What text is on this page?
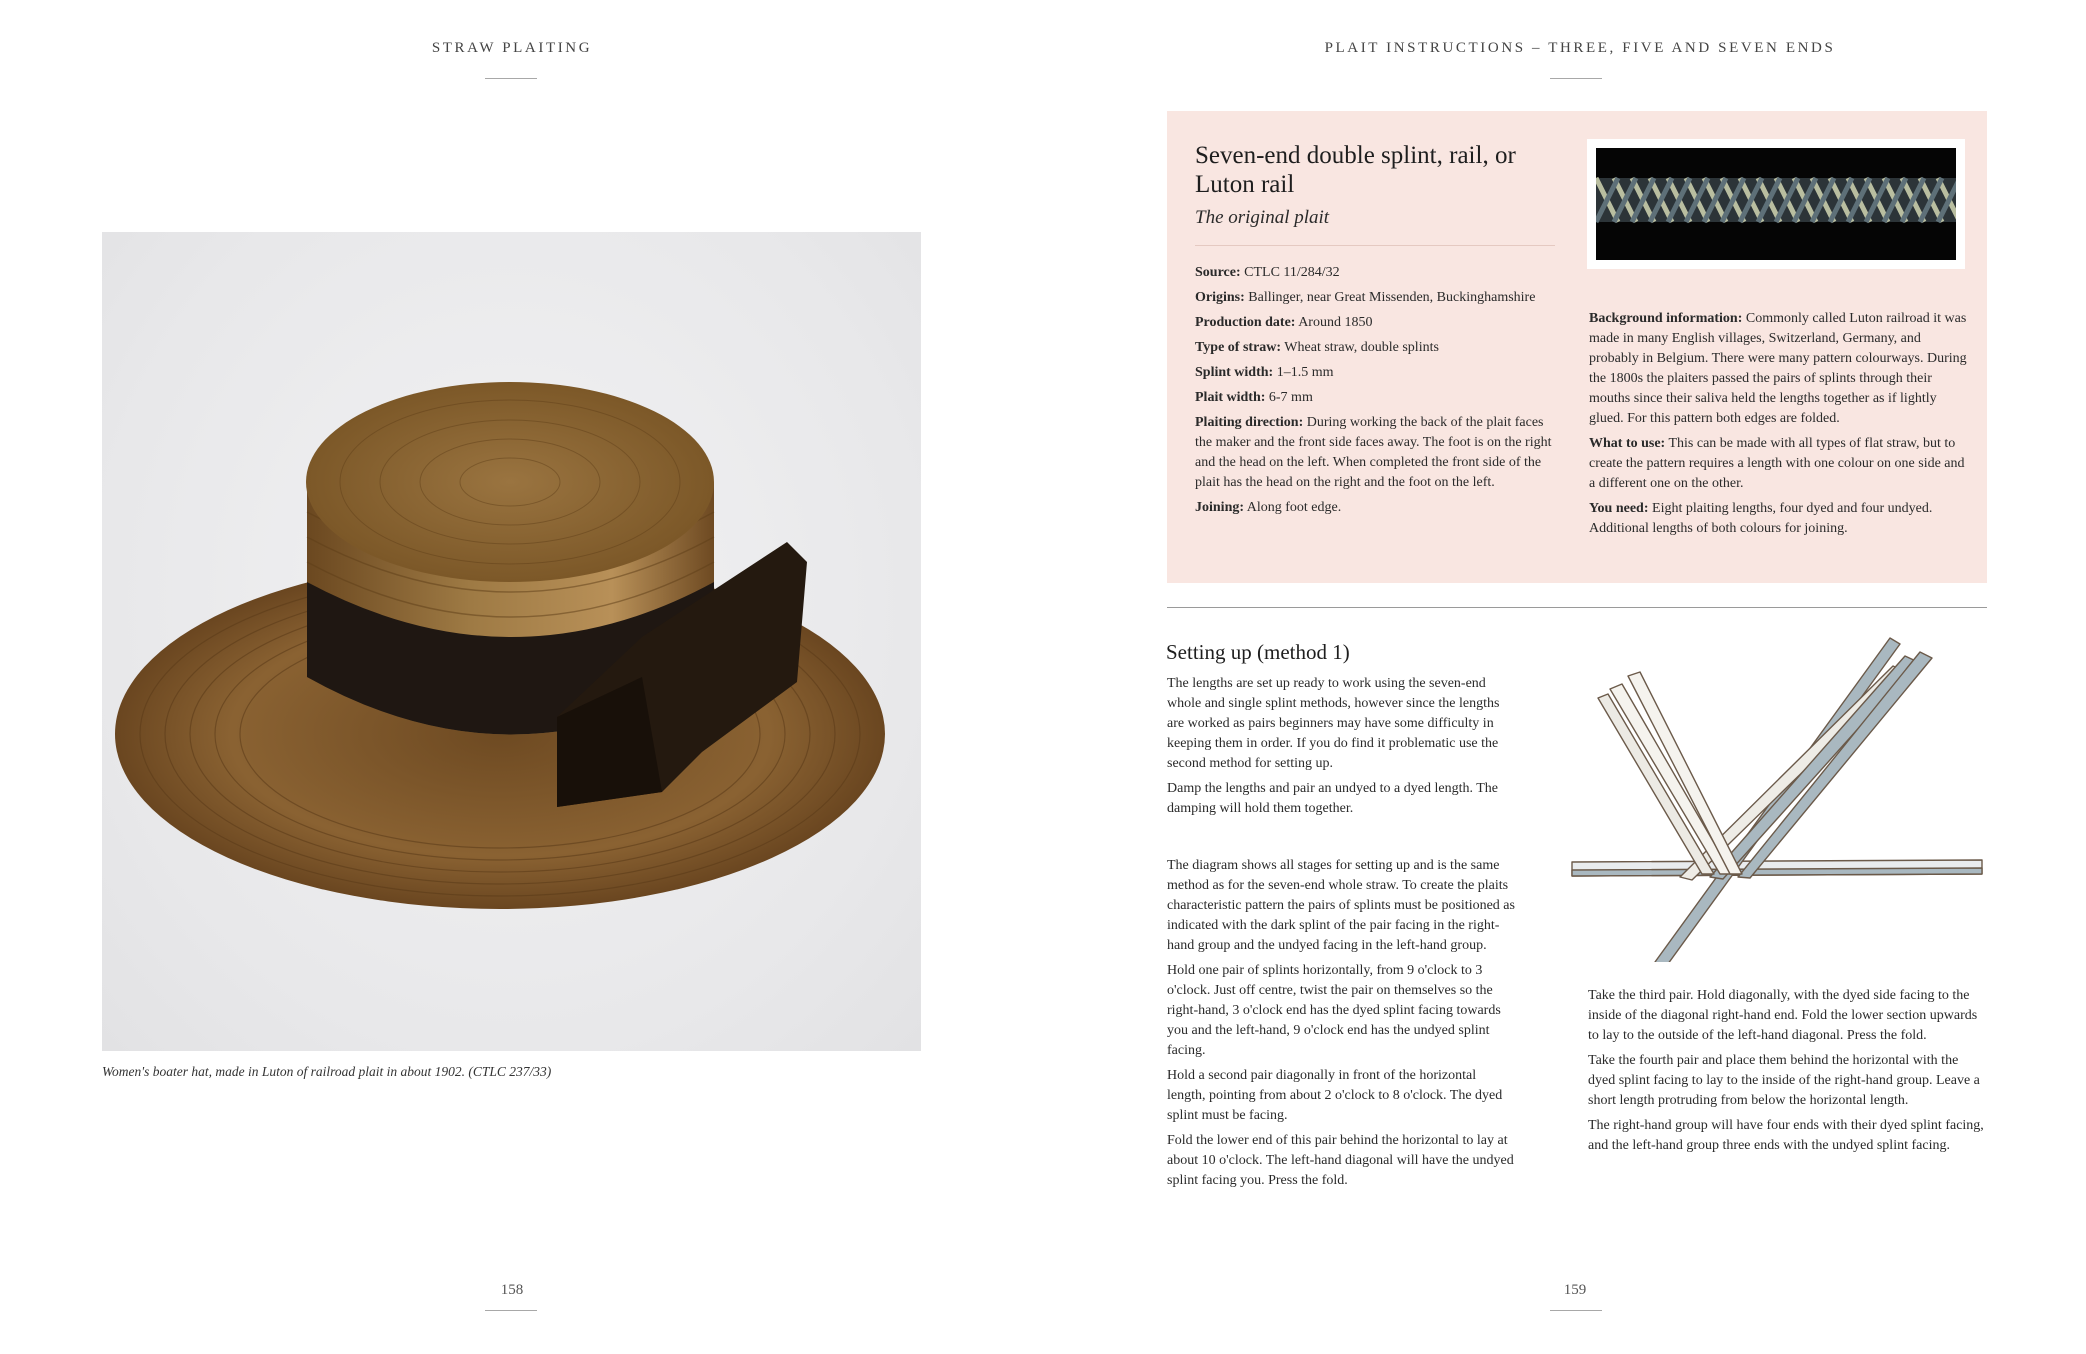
STRAW PLAITING
Women's boater hat, made in Luton of railroad plait in about 1902. (CTLC 237/33)
158
PLAIT INSTRUCTIONS – THREE, FIVE AND SEVEN ENDS
Seven-end double splint, rail, or Luton rail
The original plait
Source: CTLC 11/284/32
Origins: Ballinger, near Great Missenden, Buckinghamshire
Production date: Around 1850
Type of straw: Wheat straw, double splints
Splint width: 1–1.5 mm
Plait width: 6-7 mm
Plaiting direction: During working the back of the plait faces the maker and the front side faces away. The foot is on the right and the head on the left. When completed the front side of the plait has the head on the right and the foot on the left.
Joining: Along foot edge.
Background information: Commonly called Luton railroad it was made in many English villages, Switzerland, Germany, and probably in Belgium. There were many pattern colourways. During the 1800s the plaiters passed the pairs of splints through their mouths since their saliva held the lengths together as if lightly glued. For this pattern both edges are folded.
What to use: This can be made with all types of flat straw, but to create the pattern requires a length with one colour on one side and a different one on the other.
You need: Eight plaiting lengths, four dyed and four undyed. Additional lengths of both colours for joining.
Setting up (method 1)

The lengths are set up ready to work using the seven-end whole and single splint methods, however since the lengths are worked as pairs beginners may have some difficulty in keeping them in order. If you do find it problematic use the second method for setting up.

Damp the lengths and pair an undyed to a dyed length. The damping will hold them together.

The diagram shows all stages for setting up and is the same method as for the seven-end whole straw. To create the plaits characteristic pattern the pairs of splints must be positioned as indicated with the dark splint of the pair facing in the right-hand group and the undyed facing in the left-hand group.

Hold one pair of splints horizontally, from 9 o'clock to 3 o'clock. Just off centre, twist the pair on themselves so the right-hand, 3 o'clock end has the dyed splint facing towards you and the left-hand, 9 o'clock end has the undyed splint facing.

Hold a second pair diagonally in front of the horizontal length, pointing from about 2 o'clock to 8 o'clock. The dyed splint must be facing.

Fold the lower end of this pair behind the horizontal to lay at about 10 o'clock. The left-hand diagonal will have the undyed splint facing you. Press the fold.

Take the third pair. Hold diagonally, with the dyed side facing to the inside of the diagonal right-hand end. Fold the lower section upwards to lay to the outside of the left-hand diagonal. Press the fold.

Take the fourth pair and place them behind the horizontal with the dyed splint facing to lay to the inside of the right-hand group. Leave a short length protruding from below the horizontal length.

The right-hand group will have four ends with their dyed splint facing, and the left-hand group three ends with the undyed splint facing.

159
